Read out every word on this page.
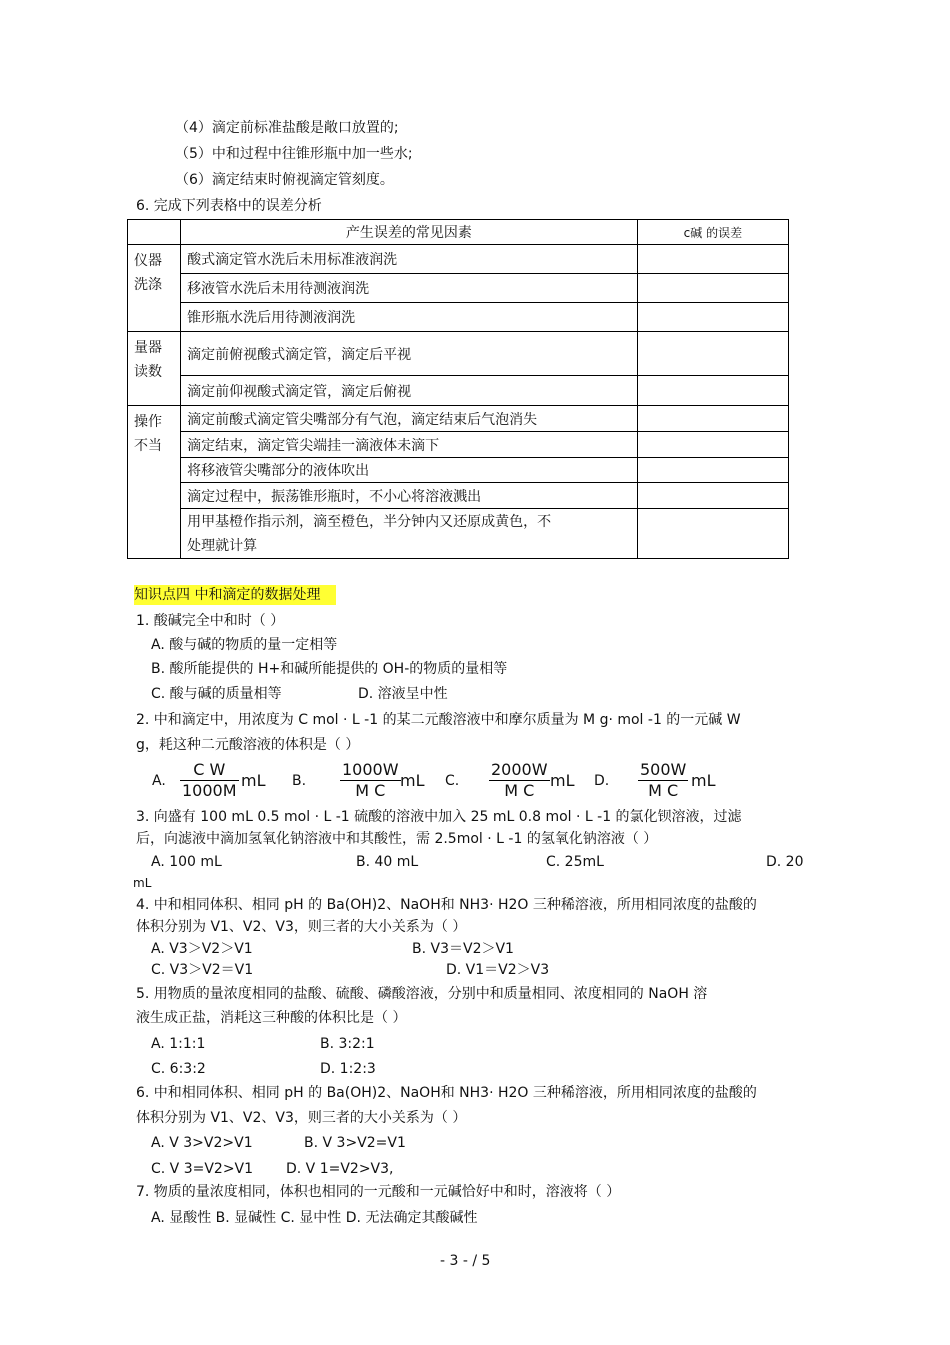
（4）滴定前标准盐酸是敞口放置的;
（5）中和过程中往锥形瓶中加一些水;
（6）滴定结束时俯视滴定管刻度。
6. 完成下列表格中的误差分析
	产生误差的常见因素	c碱 的误差
仪器
洗涤	酸式滴定管水洗后未用标准液润洗	
	移液管水洗后未用待测液润洗	
	锥形瓶水洗后用待测液润洗	
量器
读数	滴定前俯视酸式滴定管，滴定后平视	
	滴定前仰视酸式滴定管，滴定后俯视	
操作
不当	滴定前酸式滴定管尖嘴部分有气泡，滴定结束后气泡消失	
	滴定结束，滴定管尖端挂一滴液体未滴下	
	将移液管尖嘴部分的液体吹出	
	滴定过程中，振荡锥形瓶时，不小心将溶液溅出	
	用甲基橙作指示剂，滴至橙色，半分钟内又还原成黄色，不
处理就计算	
知识点四 中和滴定的数据处理
1. 酸碱完全中和时（ ）
A. 酸与碱的物质的量一定相等
B. 酸所能提供的 H+和碱所能提供的 OH-的物质的量相等
C. 酸与碱的质量相等	D. 溶液呈中性
2. 中和滴定中，用浓度为 C mol · L -1 的某二元酸溶液中和摩尔质量为 M g· mol -1 的一元碱 W
g，耗这种二元酸溶液的体积是（ ）
A. $\frac{\text{C W}}{1000M}$ mL B. $\frac{1000W}{\text{M C}}$ mL C. $\frac{2000W}{\text{M C}}$ mL D. $\frac{500W}{\text{M C}}$ mL
3. 向盛有 100 mL 0.5 mol · L -1 硫酸的溶液中加入 25 mL 0.8 mol · L -1 的氯化钡溶液，过滤
后，向滤液中滴加氢氧化钠溶液中和其酸性，需 2.5mol · L -1 的氢氧化钠溶液（ ）
A. 100 mL	B. 40 mL	C. 25mL	D. 20
mL
4. 中和相同体积、相同 pH 的 Ba(OH)2、NaOH和 NH3· H2O 三种稀溶液，所用相同浓度的盐酸的
体积分别为 V1、V2、V3，则三者的大小关系为（ ）
A. V3＞V2＞V1	B. V3＝V2＞V1
C. V3＞V2＝V1	D. V1＝V2＞V3
5. 用物质的量浓度相同的盐酸、硫酸、磷酸溶液，分别中和质量相同、浓度相同的 NaOH 溶
液生成正盐，消耗这三种酸的体积比是（ ）
A. 1:1:1	B. 3:2:1
C. 6:3:2	D. 1:2:3
6. 中和相同体积、相同 pH 的 Ba(OH)2、NaOH和 NH3· H2O 三种稀溶液，所用相同浓度的盐酸的
体积分别为 V1、V2、V3，则三者的大小关系为（ ）
A. V 3>V2>V1	B. V 3>V2=V1
C. V 3=V2>V1 D. V 1=V2>V3,
7. 物质的量浓度相同，体积也相同的一元酸和一元碱恰好中和时，溶液将（ ）
A. 显酸性 B. 显碱性 C. 显中性 D. 无法确定其酸碱性
- 3 - / 5
